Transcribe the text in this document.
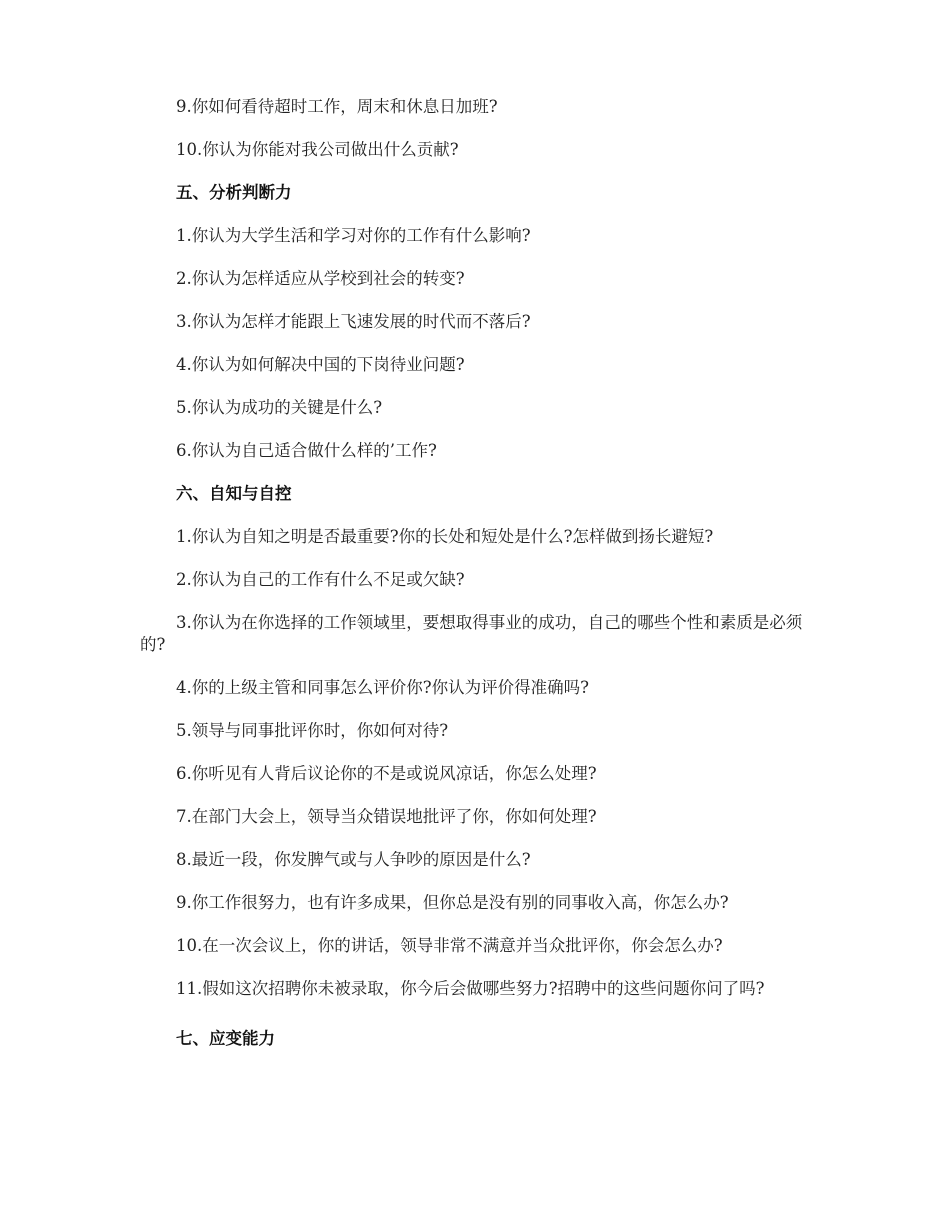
9.你如何看待超时工作，周末和休息日加班?

10.你认为你能对我公司做出什么贡献?

五、分析判断力

1.你认为大学生活和学习对你的工作有什么影响?

2.你认为怎样适应从学校到社会的转变?

3.你认为怎样才能跟上飞速发展的时代而不落后?

4.你认为如何解决中国的下岗待业问题?

5.你认为成功的关键是什么?

6.你认为自己适合做什么样的’工作?

六、自知与自控

1.你认为自知之明是否最重要?你的长处和短处是什么?怎样做到扬长避短?

2.你认为自己的工作有什么不足或欠缺?

3.你认为在你选择的工作领域里，要想取得事业的成功，自己的哪些个性和素质是必须的?

4.你的上级主管和同事怎么评价你?你认为评价得准确吗?

5.领导与同事批评你时，你如何对待?

6.你听见有人背后议论你的不是或说风凉话，你怎么处理?

7.在部门大会上，领导当众错误地批评了你，你如何处理?

8.最近一段，你发脾气或与人争吵的原因是什么?

9.你工作很努力，也有许多成果，但你总是没有别的同事收入高，你怎么办?

10.在一次会议上，你的讲话，领导非常不满意并当众批评你，你会怎么办?

11.假如这次招聘你未被录取，你今后会做哪些努力?招聘中的这些问题你问了吗?

七、应变能力
